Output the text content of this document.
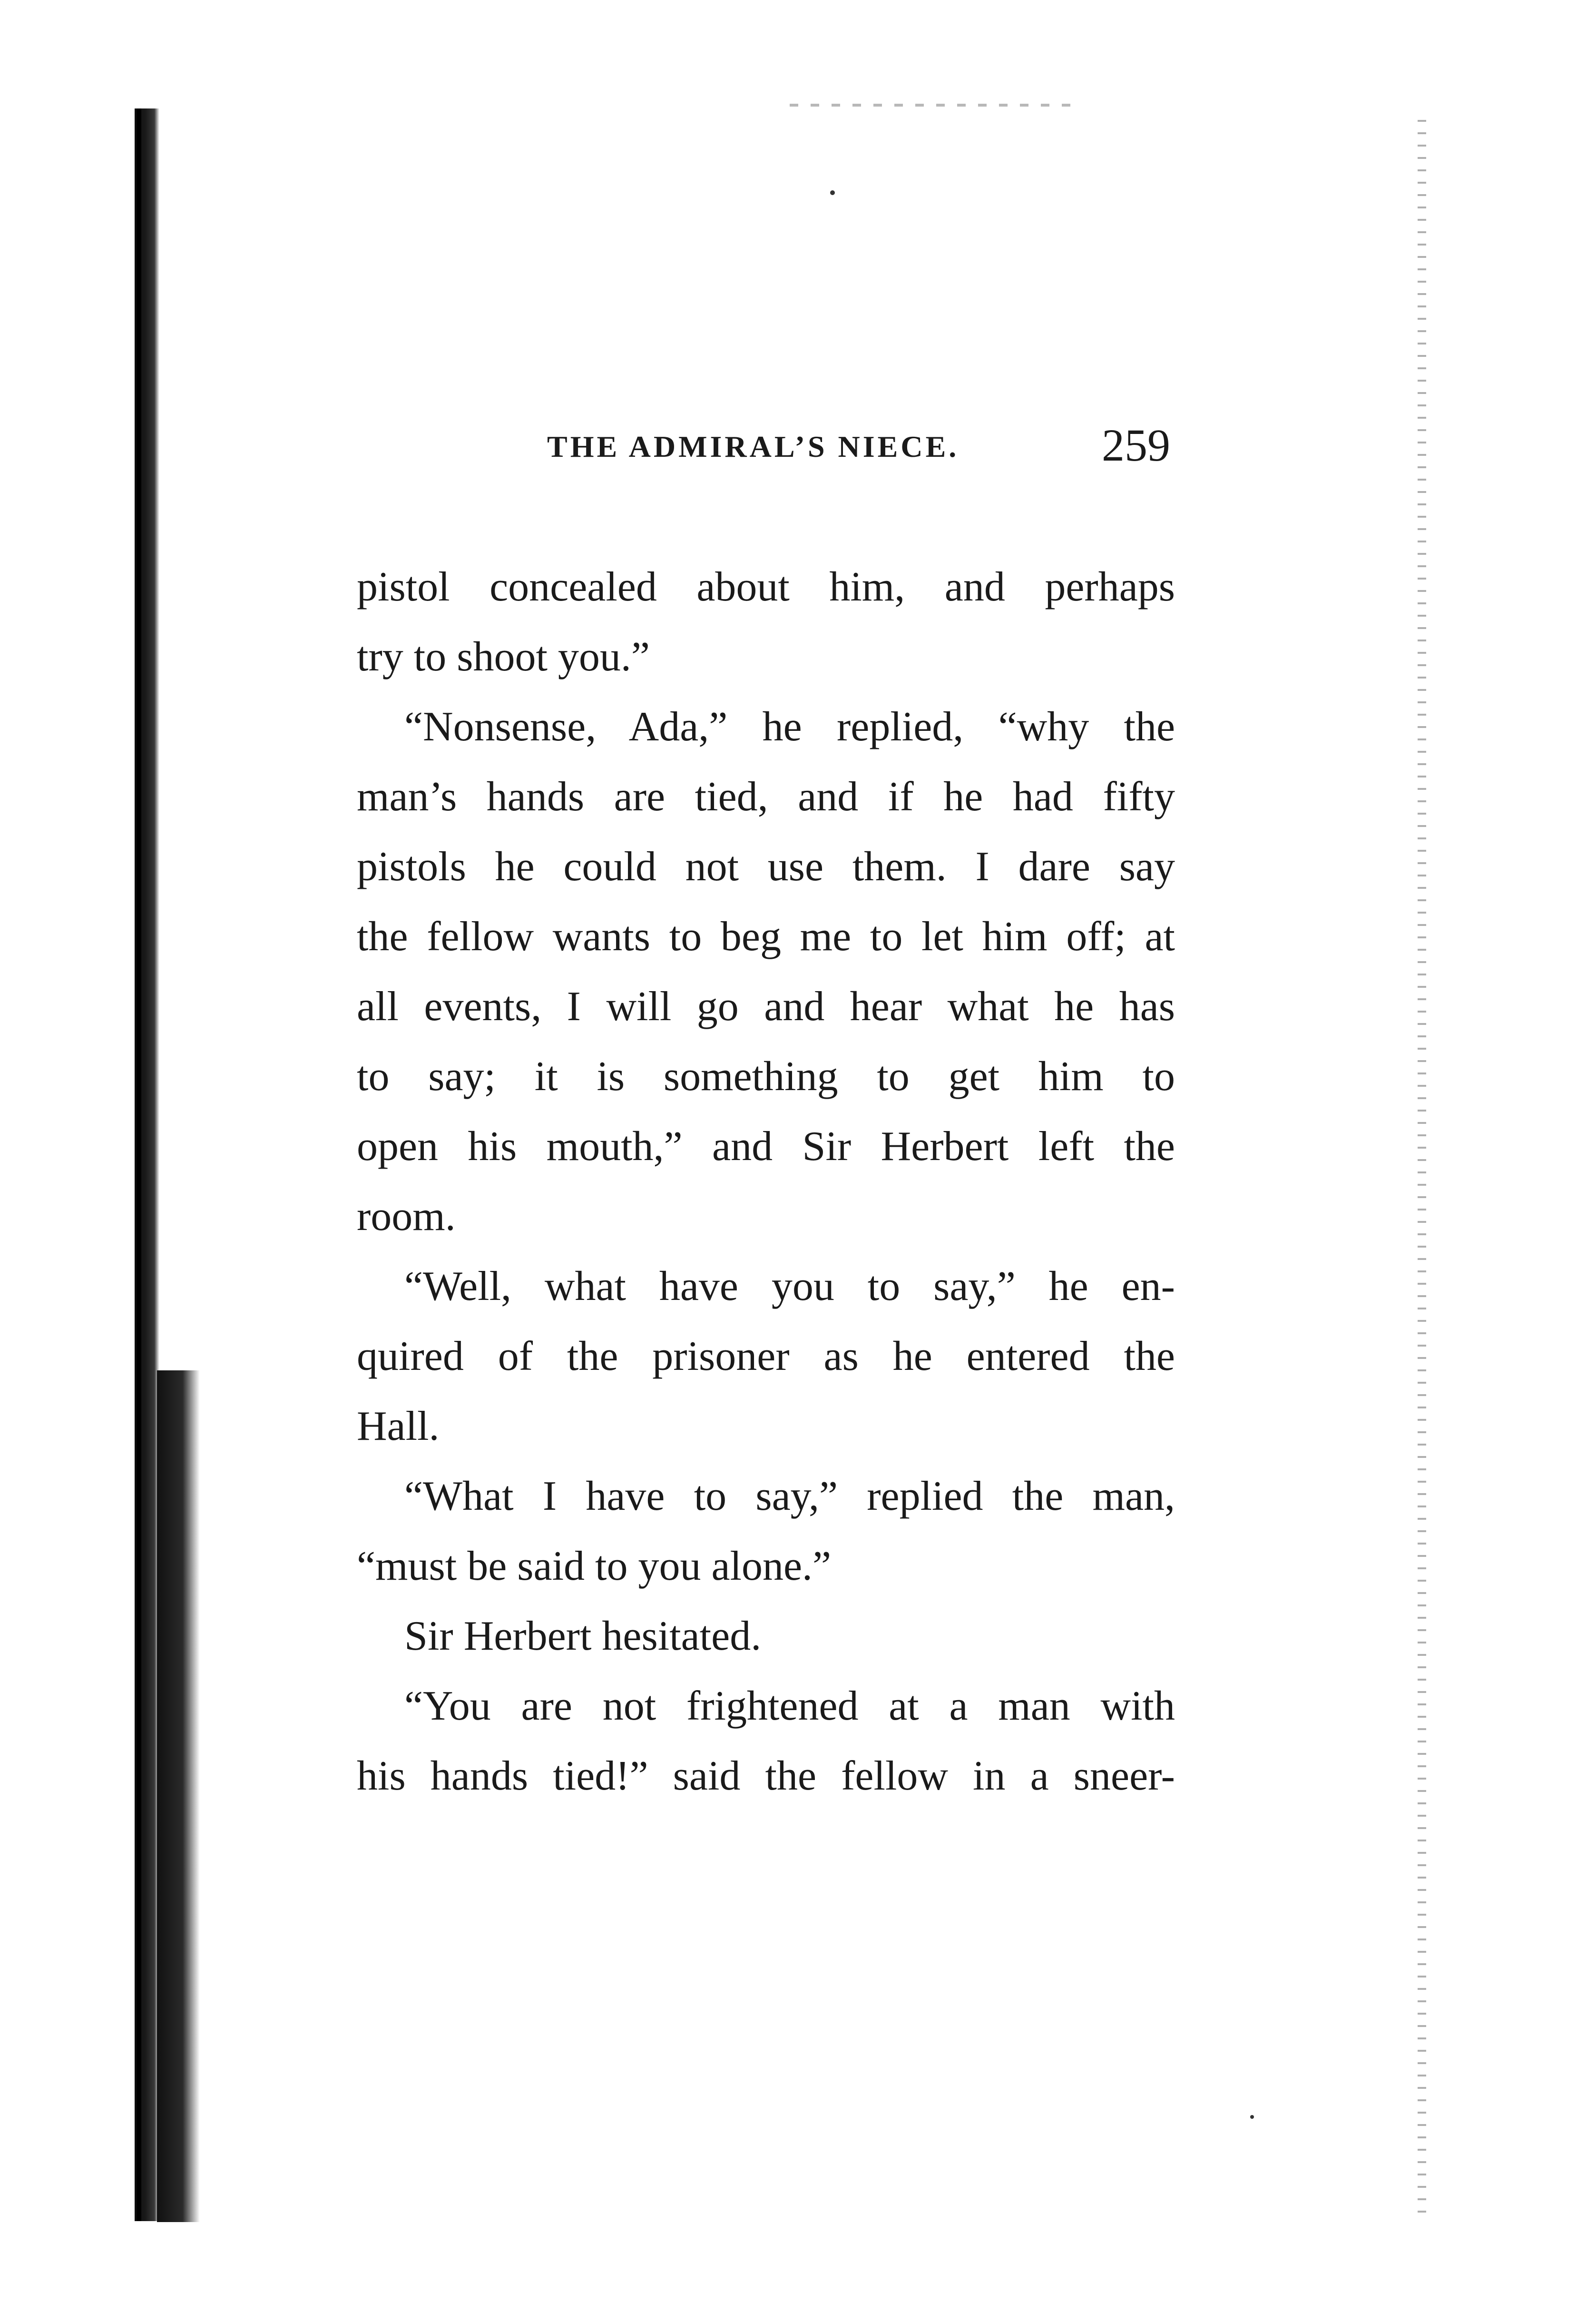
THE ADMIRAL’S NIECE.	259
pistol concealed about him, and perhaps
try to shoot you.”
“Nonsense, Ada,” he replied, “why the
man’s hands are tied, and if he had fifty
pistols he could not use them. I dare say
the fellow wants to beg me to let him off; at
all events, I will go and hear what he has
to say; it is something to get him to
open his mouth,” and Sir Herbert left the
room.
“Well, what have you to say,” he en-
quired of the prisoner as he entered the
Hall.
“What I have to say,” replied the man,
“must be said to you alone.”
Sir Herbert hesitated.
“You are not frightened at a man with
his hands tied!” said the fellow in a sneer-
